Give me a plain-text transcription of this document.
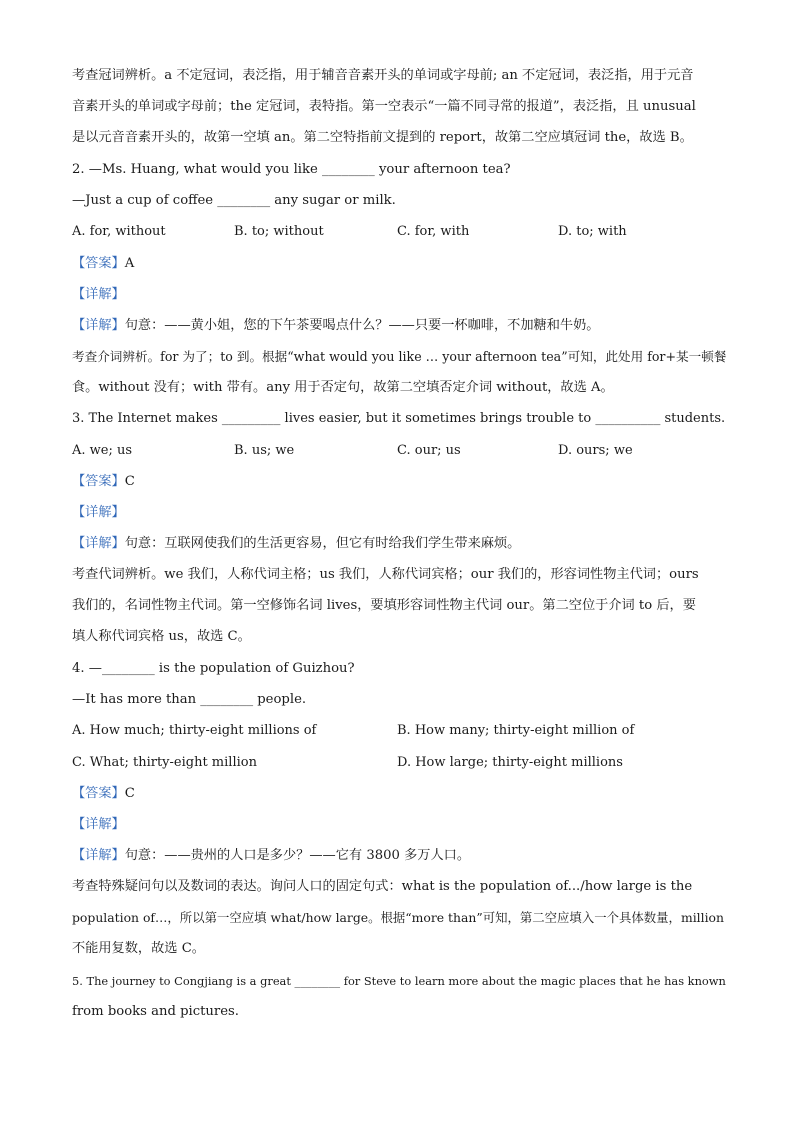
考查冠词辨析。a 不定冠词，表泛指，用于辅音音素开头的单词或字母前; an 不定冠词，表泛指，用于元音
音素开头的单词或字母前；the 定冠词，表特指。第一空表示“一篇不同寻常的报道”，表泛指，且 unusual
是以元音音素开头的，故第一空填 an。第二空特指前文提到的 report，故第二空应填冠词 the，故选 B。
2. —Ms. Huang, what would you like ________ your afternoon tea?
—Just a cup of coffee ________ any sugar or milk.
A. for, without	B. to; without	C. for, with	D. to; with
【答案】A
【详解】
【详解】句意：——黄小姐，您的下午茶要喝点什么？——只要一杯咖啡，不加糖和牛奶。
考查介词辨析。for 为了；to 到。根据“what would you like … your afternoon tea”可知，此处用 for+某一顿餐
食。without 没有；with 带有。any 用于否定句，故第二空填否定介词 without，故选 A。
3. The Internet makes _________ lives easier, but it sometimes brings trouble to __________ students.
A. we; us	B. us; we	C. our; us	D. ours; we
【答案】C
【详解】
【详解】句意：互联网使我们的生活更容易，但它有时给我们学生带来麻烦。
考查代词辨析。we 我们，人称代词主格；us 我们，人称代词宾格；our 我们的，形容词性物主代词；ours
我们的，名词性物主代词。第一空修饰名词 lives，要填形容词性物主代词 our。第二空位于介词 to 后，要
填人称代词宾格 us，故选 C。
4. —________ is the population of Guizhou?
—It has more than ________ people.
A. How much; thirty-eight millions of	B. How many; thirty-eight million of
C. What; thirty-eight million	D. How large; thirty-eight millions
【答案】C
【详解】
【详解】句意：——贵州的人口是多少？——它有 3800 多万人口。
考查特殊疑问句以及数词的表达。询问人口的固定句式：what is the population of.../how large is the
population of…，所以第一空应填 what/how large。根据“more than”可知，第二空应填入一个具体数量，million
不能用复数，故选 C。
5. The journey to Congjiang is a great ________ for Steve to learn more about the magic places that he has known
from books and pictures.
